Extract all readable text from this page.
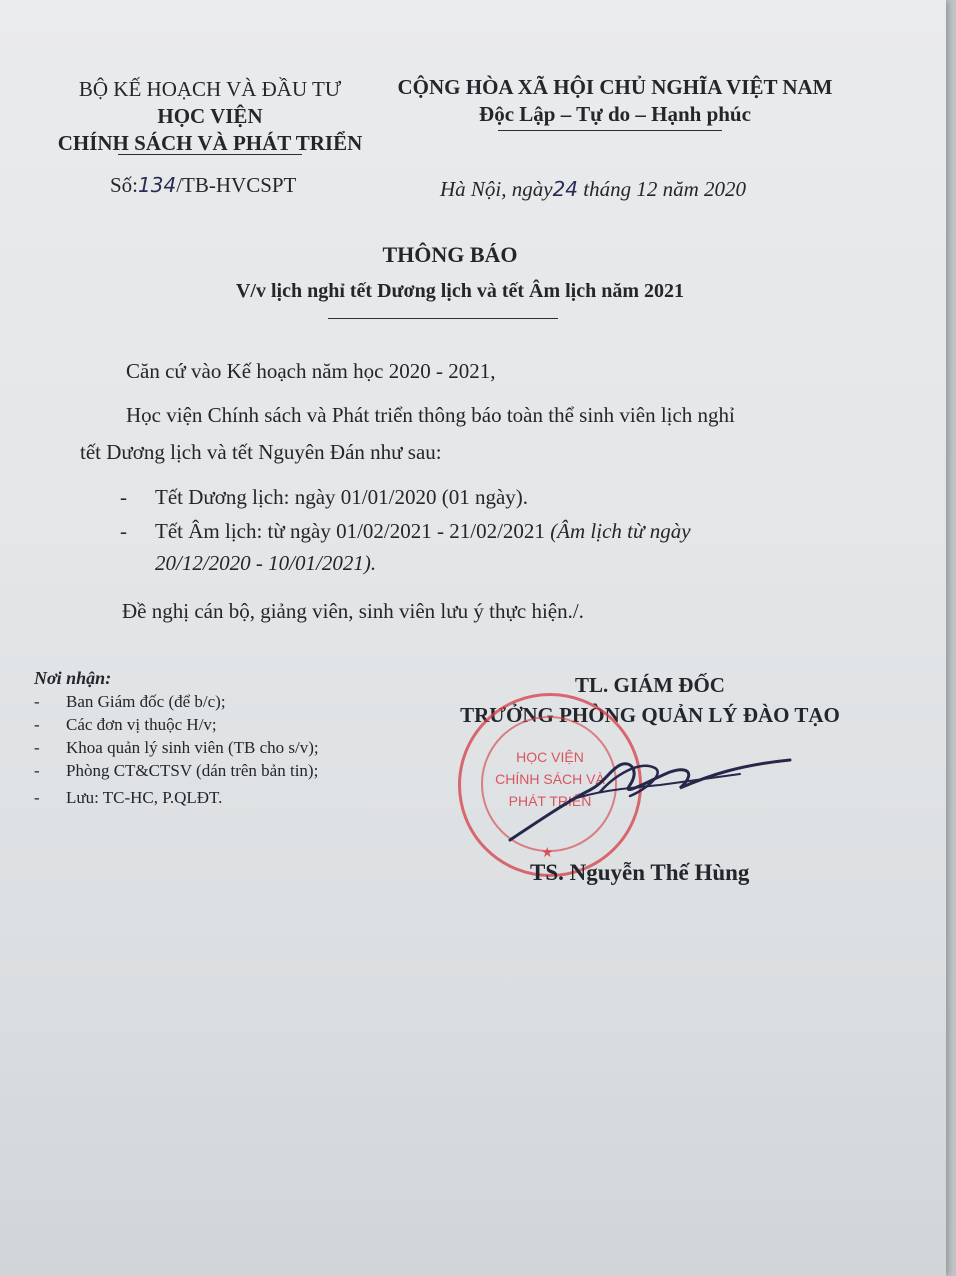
BỘ KẾ HOẠCH VÀ ĐẦU TƯ
HỌC VIỆN
CHÍNH SÁCH VÀ PHÁT TRIỂN
Số:134/TB-HVCSPT
CỘNG HÒA XÃ HỘI CHỦ NGHĨA VIỆT NAM
Độc Lập – Tự do – Hạnh phúc
Hà Nội, ngày24 tháng 12 năm 2020
THÔNG BÁO
V/v lịch nghỉ tết Dương lịch và tết Âm lịch năm 2021
Căn cứ vào Kế hoạch năm học 2020 - 2021,
Học viện Chính sách và Phát triển thông báo toàn thể sinh viên lịch nghỉ
tết Dương lịch và tết Nguyên Đán như sau:
- Tết Dương lịch: ngày 01/01/2020 (01 ngày).
- Tết Âm lịch: từ ngày 01/02/2021 - 21/02/2021 (Âm lịch từ ngày
20/12/2020 - 10/01/2021).
Đề nghị cán bộ, giảng viên, sinh viên lưu ý thực hiện./.
Nơi nhận:
- Ban Giám đốc (để b/c);
- Các đơn vị thuộc H/v;
- Khoa quản lý sinh viên (TB cho s/v);
- Phòng CT&CTSV (dán trên bản tin);
- Lưu: TC-HC, P.QLĐT.
TL. GIÁM ĐỐC
TRƯỞNG PHÒNG QUẢN LÝ ĐÀO TẠO
HỌC VIỆN
CHÍNH SÁCH VÀ
PHÁT TRIỂN
★
TS. Nguyễn Thế Hùng
